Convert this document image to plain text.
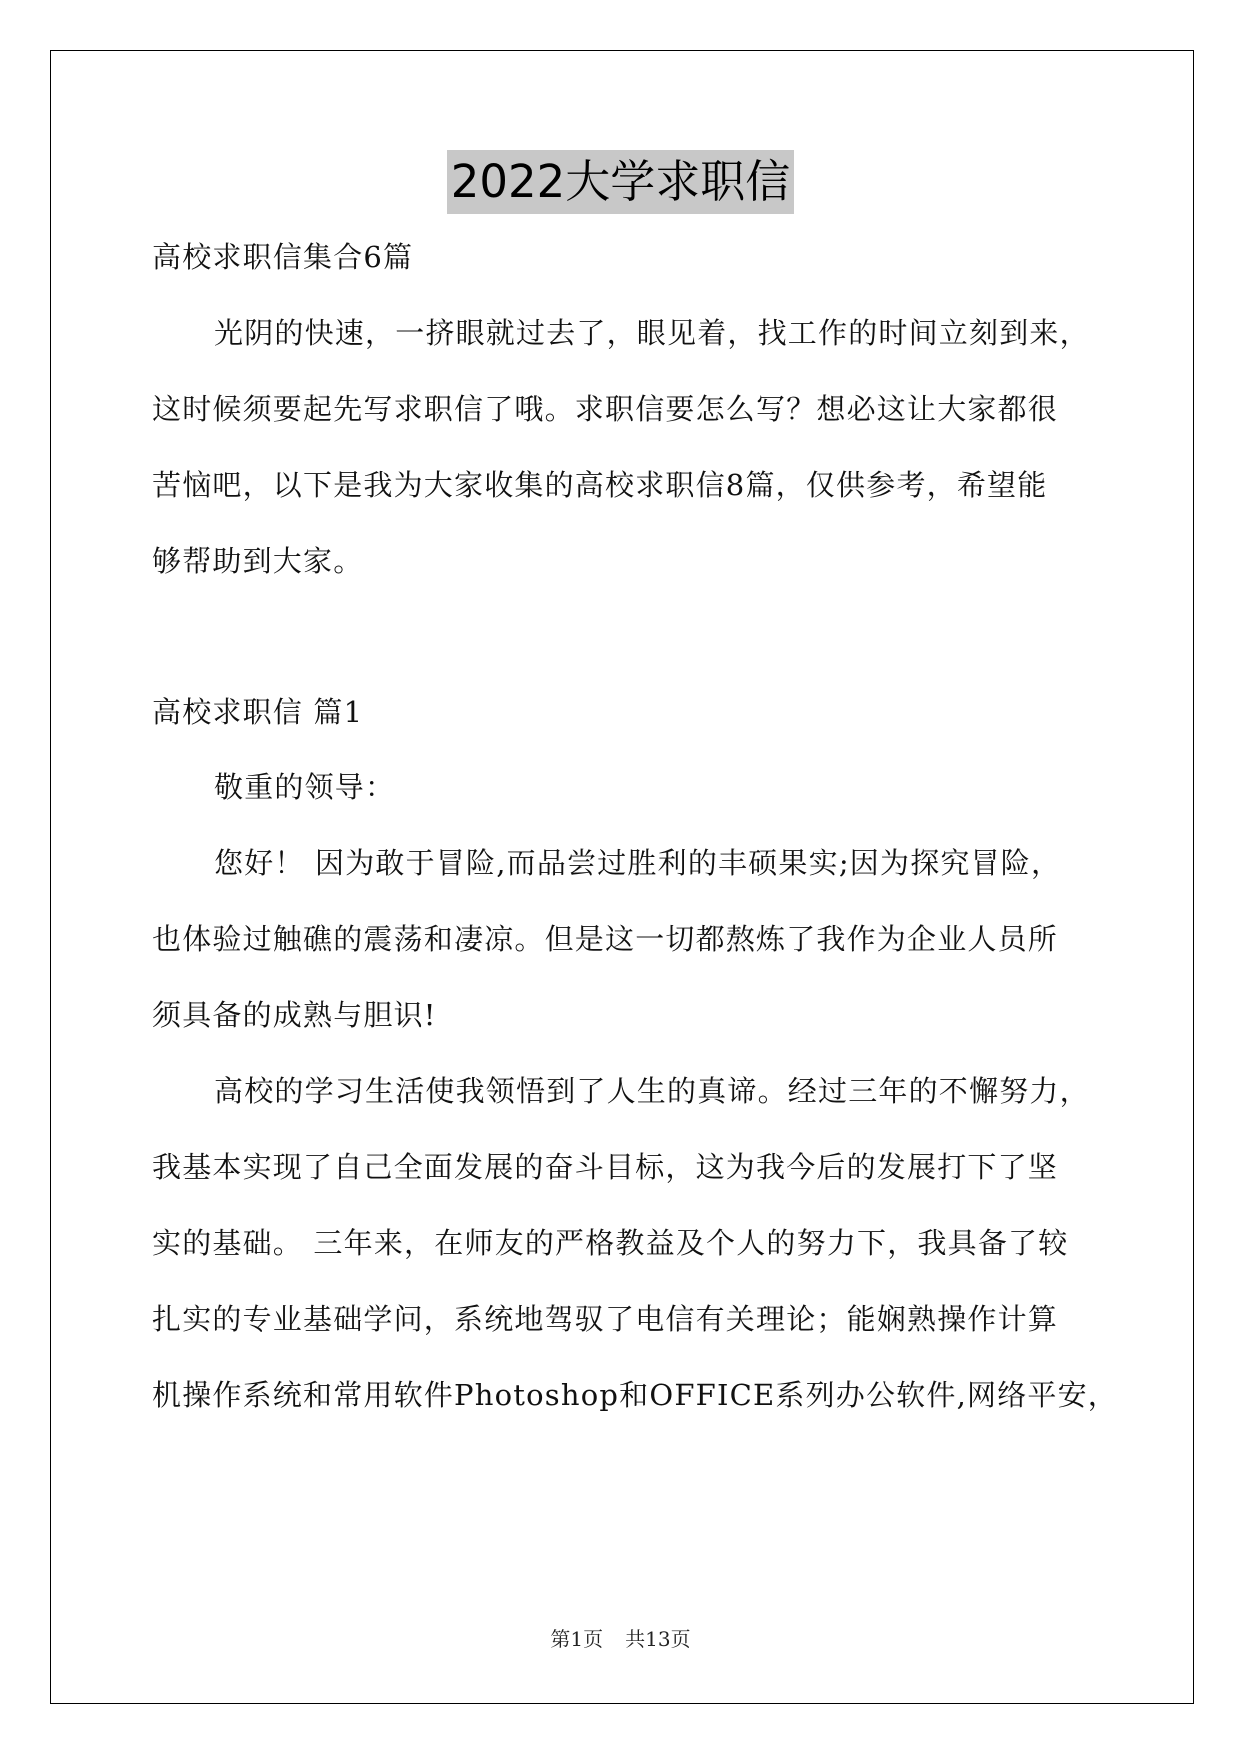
2022大学求职信
高校求职信集合6篇
光阴的快速，一挤眼就过去了，眼见着，找工作的时间立刻到来，
这时候须要起先写求职信了哦。求职信要怎么写？想必这让大家都很
苦恼吧，以下是我为大家收集的高校求职信8篇，仅供参考，希望能
够帮助到大家。
高校求职信 篇1
敬重的领导：
您好！ 因为敢于冒险,而品尝过胜利的丰硕果实;因为探究冒险，
也体验过触礁的震荡和凄凉。但是这一切都熬炼了我作为企业人员所
须具备的成熟与胆识!
高校的学习生活使我领悟到了人生的真谛。经过三年的不懈努力，
我基本实现了自己全面发展的奋斗目标，这为我今后的发展打下了坚
实的基础。 三年来，在师友的严格教益及个人的努力下，我具备了较
扎实的专业基础学问，系统地驾驭了电信有关理论；能娴熟操作计算
机操作系统和常用软件Photoshop和OFFICE系列办公软件,网络平安，
第1页 共13页
